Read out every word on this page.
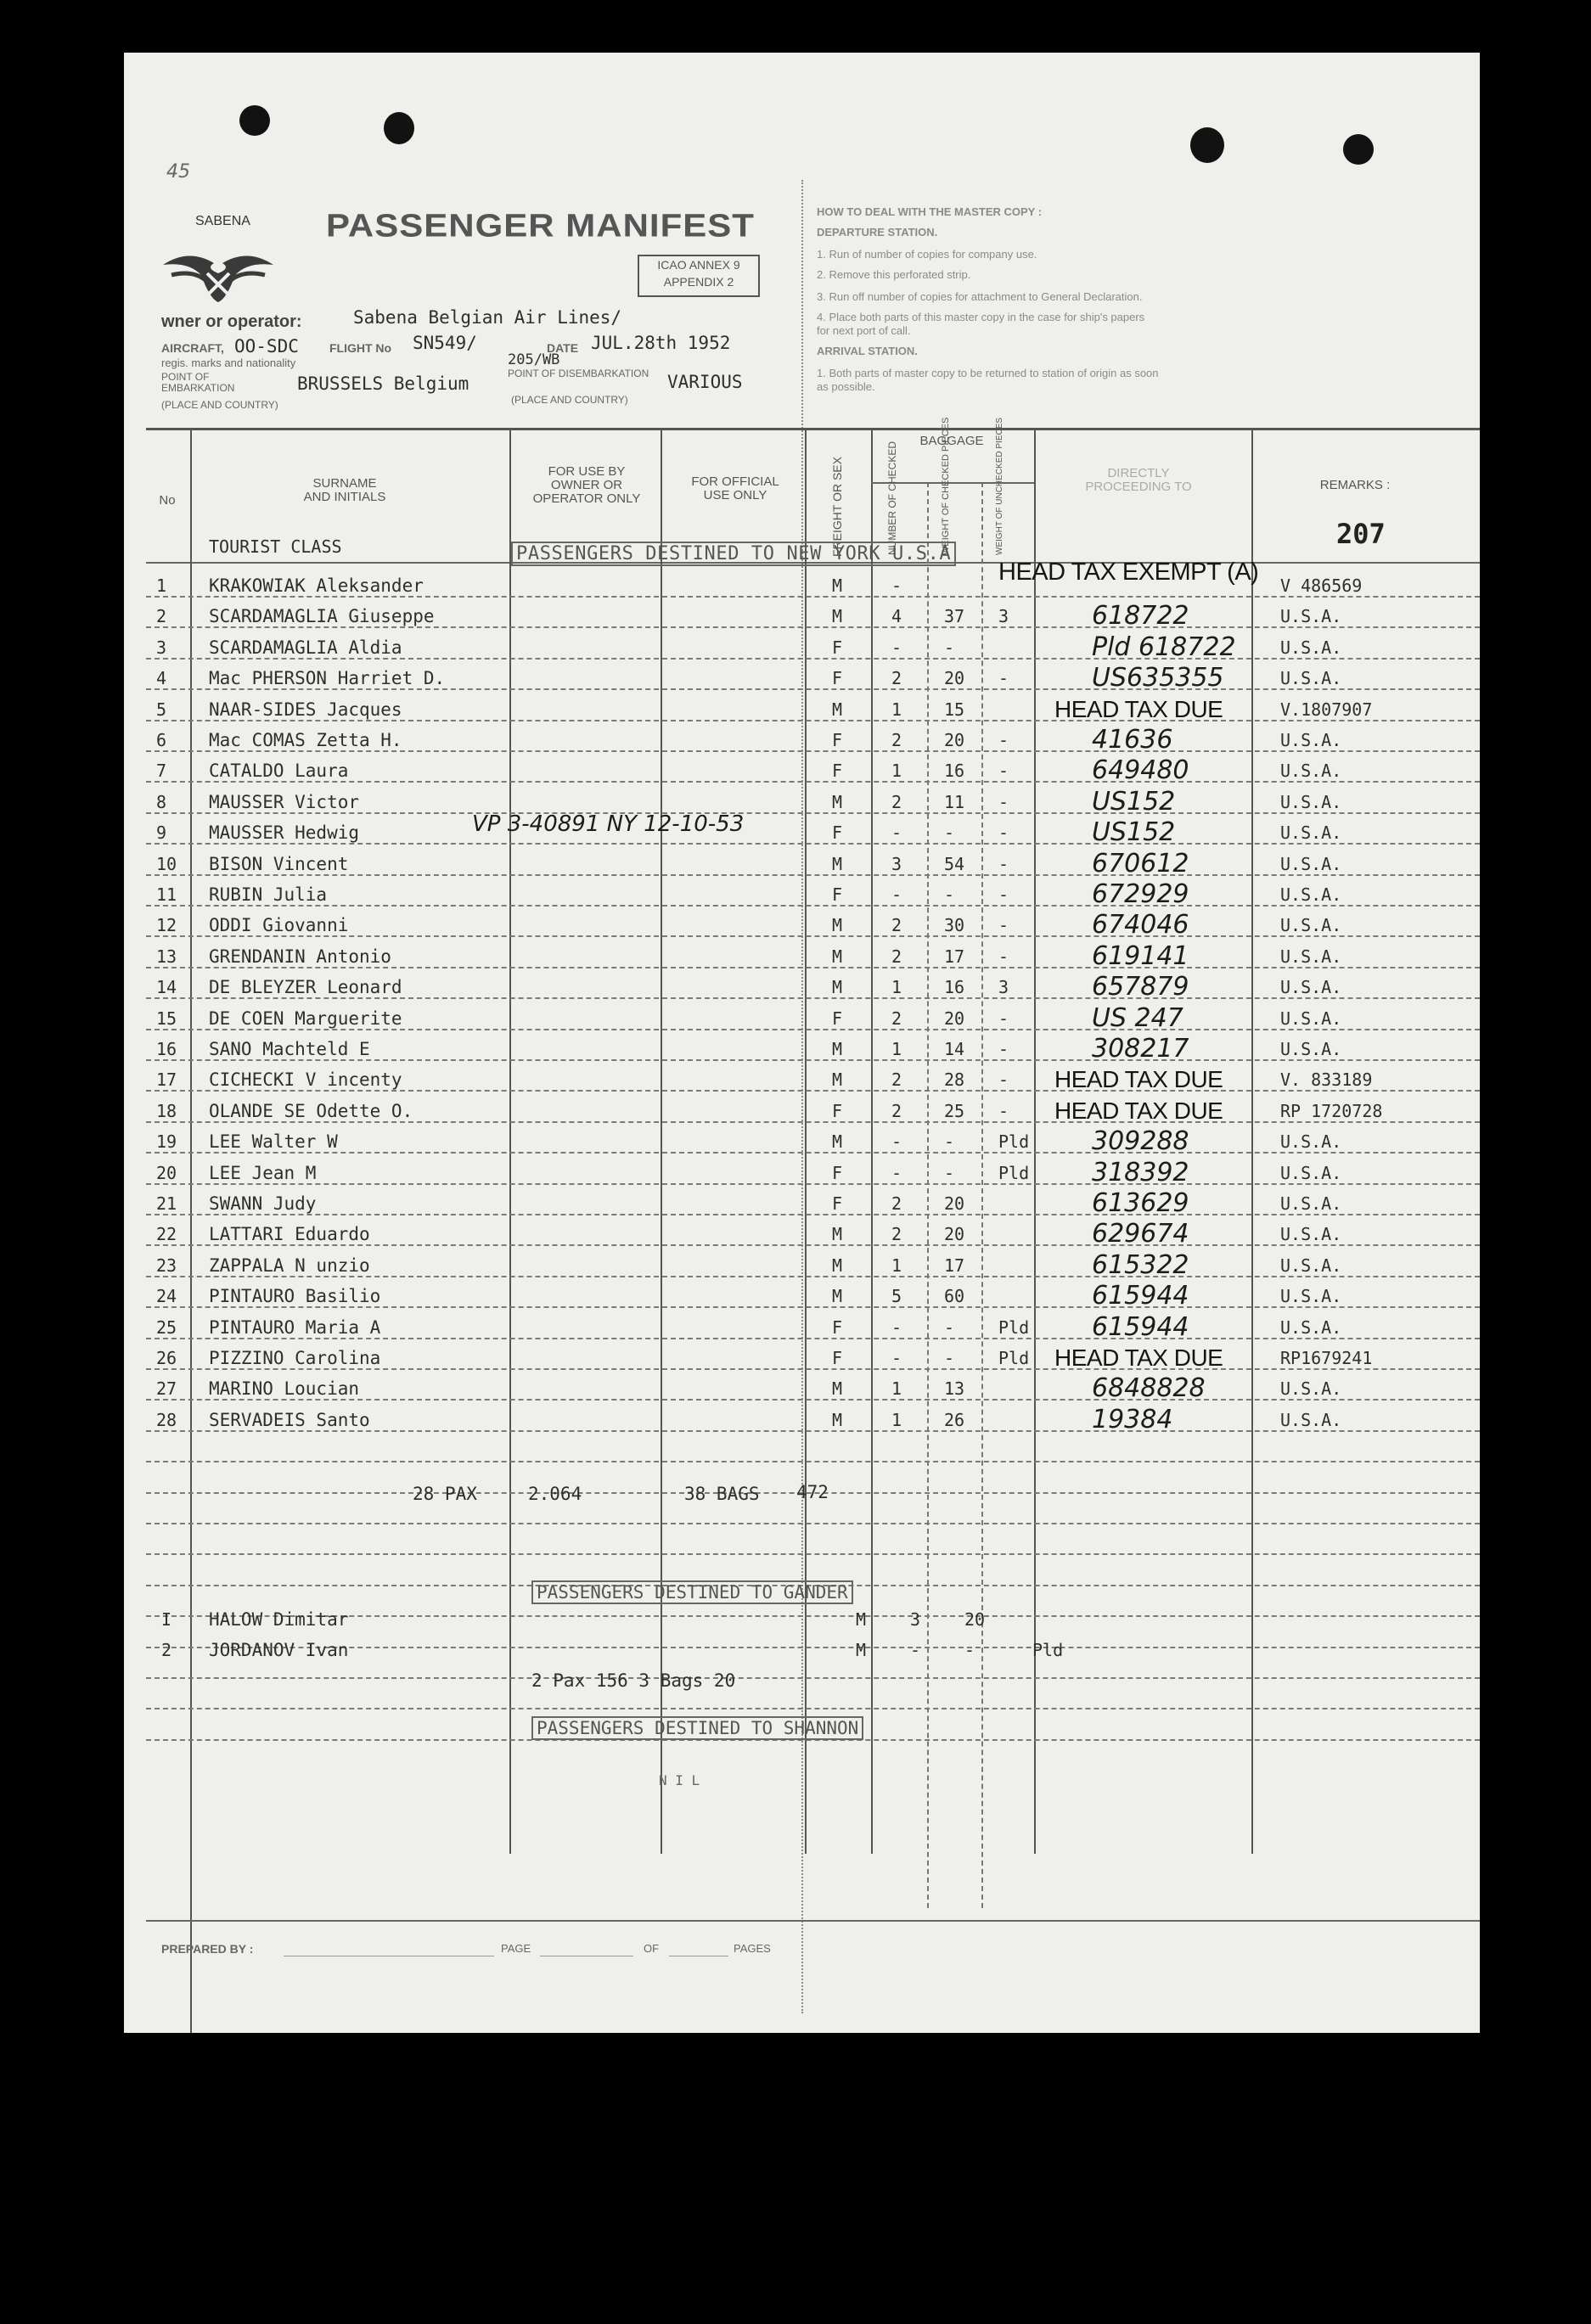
45
SABENA PASSENGER MANIFEST
ICAO ANNEX 9 APPENDIX 2
wner or operator:	Sabena Belgian Air Lines/
AIRCRAFT, OO-SDC	FLIGHT No SN549/	DATE JUL.28th 1952
regis. marks and nationality	205/WB
POINT OF EMBARKATION	BRUSSELS Belgium	POINT OF DISEMBARKATION	VARIOUS
(PLACE AND COUNTRY)	(PLACE AND COUNTRY)
HOW TO DEAL WITH THE MASTER COPY :
DEPARTURE STATION.
1. Run of number of copies for company use.
2. Remove this perforated strip.
3. Run off number of copies for attachment to General Declaration.
4. Place both parts of this master copy in the case for ship's papers
for next port of call.
ARRIVAL STATION.
1. Both parts of master copy to be returned to station of origin as soon
as possible.
No
SURNAME AND INITIALS
FOR USE BY OWNER OR OPERATOR ONLY
FOR OFFICIAL USE ONLY	FREIGHT OR SEX
BAGGAGE
NUMBER OF CHECKED	WEIGHT OF CHECKED PIECES	WEIGHT OF UNCHECKED PIECES	DIRECTLY PROCEEDING TO	REMARKS :
TOURIST CLASS	207
PASSENGERS DESTINED TO NEW YORK U.S.A
HEAD TAX EXEMPT (A)
1 KRAKOWIAK Aleksander	M	-	V 486569
2 SCARDAMAGLIA Giuseppe	M	4 37 3	618722	U.S.A.
3 SCARDAMAGLIA Aldia	F	- -	Pld 618722	U.S.A.
4 Mac PHERSON Harriet D.	F	2 20 -	US635355	U.S.A.
5 NAAR-SIDES Jacques	M	1 15	HEAD TAX DUE	V.1807907
6 Mac COMAS Zetta H.	F	2 20 -	41636	U.S.A.
7 CATALDO Laura	F	1 16 -	649480	U.S.A.
8 MAUSSER Victor	M	2 11 -	US152	U.S.A.
9 MAUSSER Hedwig	F	- -	-	US152	U.S.A.
10 BISON Vincent	M	3 54 -	670612	U.S.A.
11 RUBIN Julia	F	- -	-	672929	U.S.A.
12 ODDI Giovanni	M	2 30 -	674046	U.S.A.
13 GRENDANIN Antonio	M	2 17 -	619141	U.S.A.
14 DE BLEYZER Leonard	M	1 16 3	657879	U.S.A.
15 DE COEN Marguerite	F	2 20 -	US 247	U.S.A.
16 SANO Machteld E	M	1 14 -	308217	U.S.A.
17 CICHECKI V incenty	M	2 28 - HEAD TAX DUE	V. 833189
18 OLANDE SE Odette O.	F	2 25 - HEAD TAX DUE	RP 1720728
19 LEE Walter W	M	- -	Pld 309288	U.S.A.
20 LEE Jean M	F	- -	Pld 318392	U.S.A.
21 SWANN Judy	F	2 20	613629	U.S.A.
22 LATTARI Eduardo	M	2 20	629674	U.S.A.
23 ZAPPALA N unzio	M	1 17	615322	U.S.A.
24 PINTAURO Basilio	M	5 60	615944	U.S.A.
25 PINTAURO Maria A	F	- -	Pld 615944	U.S.A.
26 PIZZINO Carolina	F	- -	Pld HEAD TAX DUE	RP1679241
27 MARINO Loucian	M	1 13	6848828	U.S.A.
28 SERVADEIS Santo	M	1 26	19384	U.S.A.
VP 3-40891 NY 12-10-53
28 PAX	2.064	38 BAGS 472
PASSENGERS DESTINED TO GANDER
I HALOW Dimitar	M	3	20
2 JORDANOV Ivan	M	-	-	Pld
2 Pax 156 3 Bags 20
PASSENGERS DESTINED TO SHANNON
N I L
PREPARED BY :	PAGE	OF	PAGES
